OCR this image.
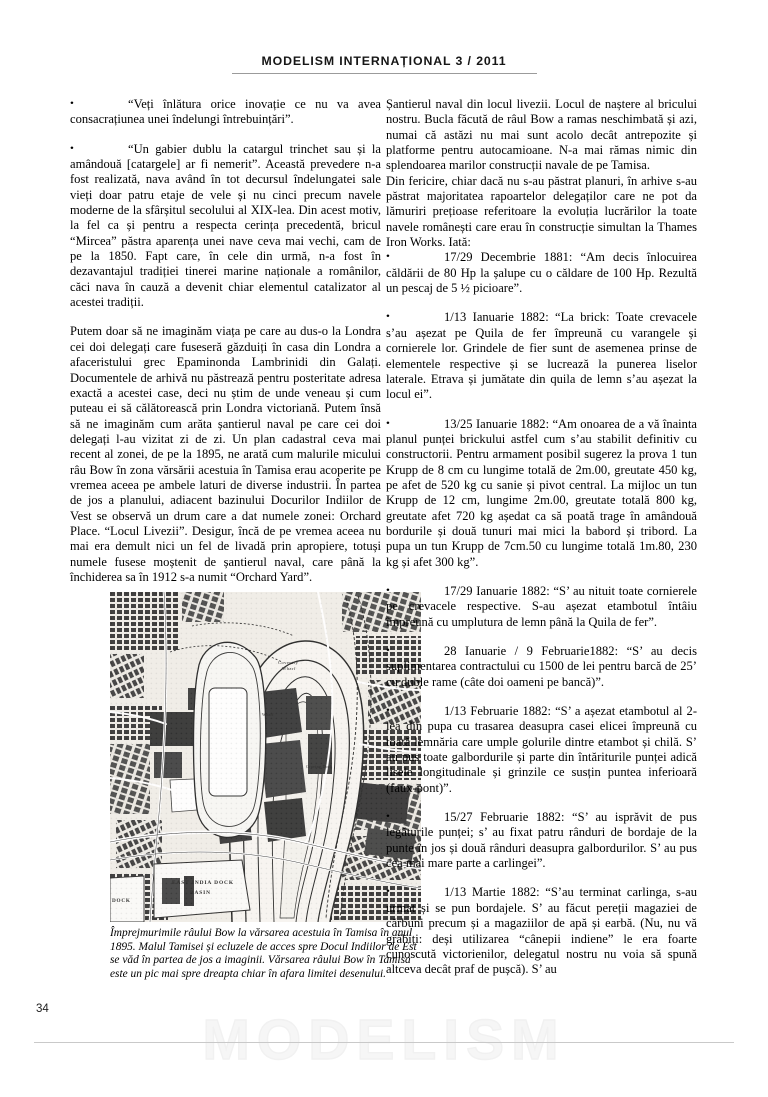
MODELISM INTERNAȚIONAL 3 / 2011
•	“Veți înlătura orice inovație ce nu va avea consacrațiunea unei îndelungi întrebuințări”.
•	“Un gabier dublu la catargul trinchet sau și la amândouă [catargele] ar fi nemerit”. Această prevedere n-a fost realizată, nava având în tot decursul îndelungatei sale vieți doar patru etaje de vele și nu cinci precum navele moderne de la sfârșitul secolului al XIX-lea. Din acest motiv, la fel ca și pentru a respecta cerința precedentă, bricul “Mircea” păstra aparența unei nave ceva mai vechi, cam de pe la 1850. Fapt care, în cele din urmă, n-a fost în dezavantajul tradiției tinerei marine naționale a românilor, căci nava în cauză a devenit chiar elementul catalizator al acestei tradiții.

Putem doar să ne imaginăm viața pe care au dus-o la Londra cei doi delegați care fuseseră găzduiți în casa din Londra a afaceristului grec Epaminonda Lambrinidi din Galați. Documentele de arhivă nu păstrează pentru posteritate adresa exactă a acestei case, deci nu știm de unde veneau și cum puteau ei să călătorească prin Londra victoriană. Putem însă să ne imaginăm cum arăta șantierul naval pe care cei doi delegați l-au vizitat zi de zi. Un plan cadastral ceva mai recent al zonei, de pe la 1895, ne arată cum malurile micului râu Bow în zona vărsării acestuia în Tamisa erau acoperite pe vremea aceea pe ambele laturi de diverse industrii. În partea de jos a planului, adiacent bazinului Docurilor Indiilor de Vest se observă un drum care a dat numele zonei: Orchard Place. “Locul Livezii”. Desigur, încă de pe vremea aceea nu mai era demult nici un fel de livadă prin apropiere, totuși numele fusese moștenit de șantierul naval, care până la închiderea sa în 1912 s-a numit “Orchard Yard”.

Coventry
Wharf
EAST INDIA DOCK
BASIN
DOCK
Wharf
Graving Dock
Împrejmurimile râului Bow la vărsarea acestuia în Tamisa în anul 1895. Malul Tamisei și ecluzele de acces spre Docul Indiilor de Est se văd în partea de jos a imaginii. Vărsarea râului Bow în Tamisa este un pic mai spre dreapta chiar în afara limitei desenului.

Șantierul naval din locul livezii. Locul de naștere al bricului nostru. Bucla făcută de râul Bow a ramas neschimbată și azi, numai că astăzi nu mai sunt acolo decât antrepozite și platforme pentru autocamioane. N-a mai rămas nimic din splendoarea marilor construcții navale de pe Tamisa.

Din fericire, chiar dacă nu s-au păstrat planuri, în arhive s-au păstrat majoritatea rapoartelor delegaților care ne pot da lămuriri prețioase referitoare la evoluția lucrărilor la toate navele românești care erau în construcție simultan la Thames Iron Works. Iată:

•	17/29 Decembrie 1881: “Am decis înlocuirea căldării de 80 Hp la șalupe cu o căldare de 100 Hp. Rezultă un pescaj de 5 ½ picioare”.
•	1/13 Ianuarie 1882: “La brick: Toate crevacele s’au așezat pe Quila de fer împreună cu varangele și cornierele lor. Grindele de fier sunt de asemenea prinse de elementele respective și se lucrează la punerea liselor laterale. Etrava și jumătate din quila de lemn s’au așezat la locul ei”.
•	13/25 Ianuarie 1882: “Am onoarea de a vă înainta planul punței brickului astfel cum s’au stabilit definitiv cu constructorii. Pentru armament posibil sugerez la prova 1 tun Krupp de 8 cm cu lungime totală de 2m.00, greutate 450 kg, pe afet de 520 kg cu sanie și pivot central. La mijloc un tun Krupp de 12 cm, lungime 2m.00, greutate totală 800 kg, greutate afet 720 kg aședat ca să poată trage în amândouă bordurile și două tunuri mai mici la babord și tribord. La pupa un tun Krupp de 7cm.50 cu lungime totală 1m.80, 230 kg și afet 300 kg”.
•	17/29 Ianuarie 1882: “S’ au nituit toate cornierele pe crevacele respective. S-au așezat etambotul întâiu împreună cu umplutura de lemn până la Quila de fer”.
•	28 Ianuarie / 9 Februarie1882: “S’ au decis suplimentarea contractului cu 1500 de lei pentru barcă de 25’ cu duble rame (câte doi oameni pe bancă)”.
•	1/13 Februarie 1882: “S’ a așezat etambotul al 2-lea din pupa cu trasarea deasupra casei elicei împreună cu toată lemnăria care umple golurile dintre etambot și chilă. S’ au pus toate galbordurile și parte din întăriturile punței adică lisele longitudinale și grinzile ce susțin puntea inferioară (faux-pont)”.
•	15/27 Februarie 1882: “S’ au isprăvit de pus legăturile punței; s’ au fixat patru rânduri de bordaje de la punte în jos și două rânduri deasupra galbordurilor. S’ au pus cea mai mare parte a carlingei”.
•	1/13 Martie 1882: “S’au terminat carlinga, s-au urmat și se pun bordajele. S’ au făcut pereții magaziei de cărbuni precum și a magaziilor de apă și earbă. (Nu, nu vă grăbiți: deși utilizarea “cânepii indiene” le era foarte cunoscută victorienilor, delegatul nostru nu voia să spună altceva decât praf de pușcă). S’ au
MODELISM
34
